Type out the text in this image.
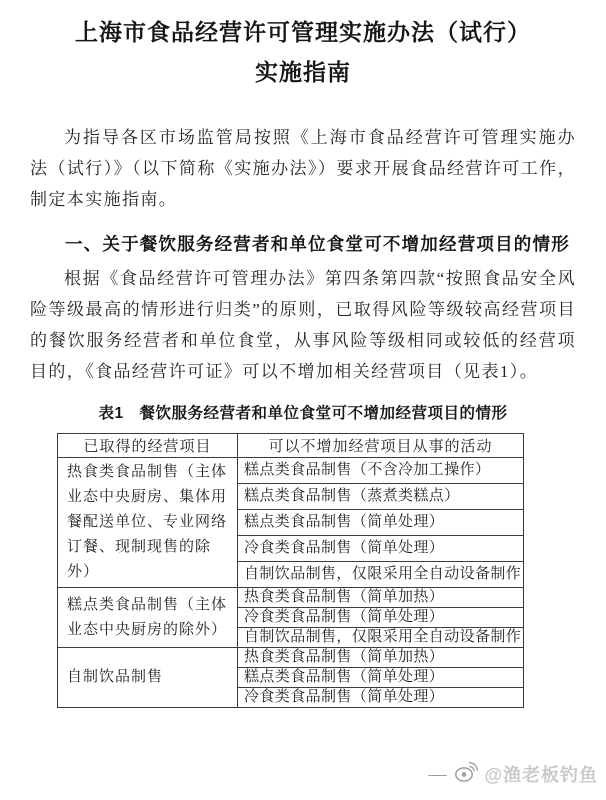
上海市食品经营许可管理实施办法（试行）
实施指南

为指导各区市场监管局按照《上海市食品经营许可管理实施办法（试行）》（以下简称《实施办法》）要求开展食品经营许可工作，制定本实施指南。

一、关于餐饮服务经营者和单位食堂可不增加经营项目的情形

根据《食品经营许可管理办法》第四条第四款“按照食品安全风险等级最高的情形进行归类”的原则，已取得风险等级较高经营项目的餐饮服务经营者和单位食堂，从事风险等级相同或较低的经营项目的，《食品经营许可证》可以不增加相关经营项目（见表1）。

表1　餐饮服务经营者和单位食堂可不增加经营项目的情形
已取得的经营项目	可以不增加经营项目从事的活动
热食类食品制售（主体业态中央厨房、集体用餐配送单位、专业网络订餐、现制现售的除外）	糕点类食品制售（不含冷加工操作）
	糕点类食品制售（蒸煮类糕点）
	糕点类食品制售（简单处理）
	冷食类食品制售（简单处理）
	自制饮品制售，仅限采用全自动设备制作
糕点类食品制售（主体业态中央厨房的除外）	热食类食品制售（简单加热）
	冷食类食品制售（简单处理）
	自制饮品制售，仅限采用全自动设备制作
自制饮品制售	热食类食品制售（简单加热）
	糕点类食品制售（简单处理）
	冷食类食品制售（简单处理）
— @渔老板钓鱼
